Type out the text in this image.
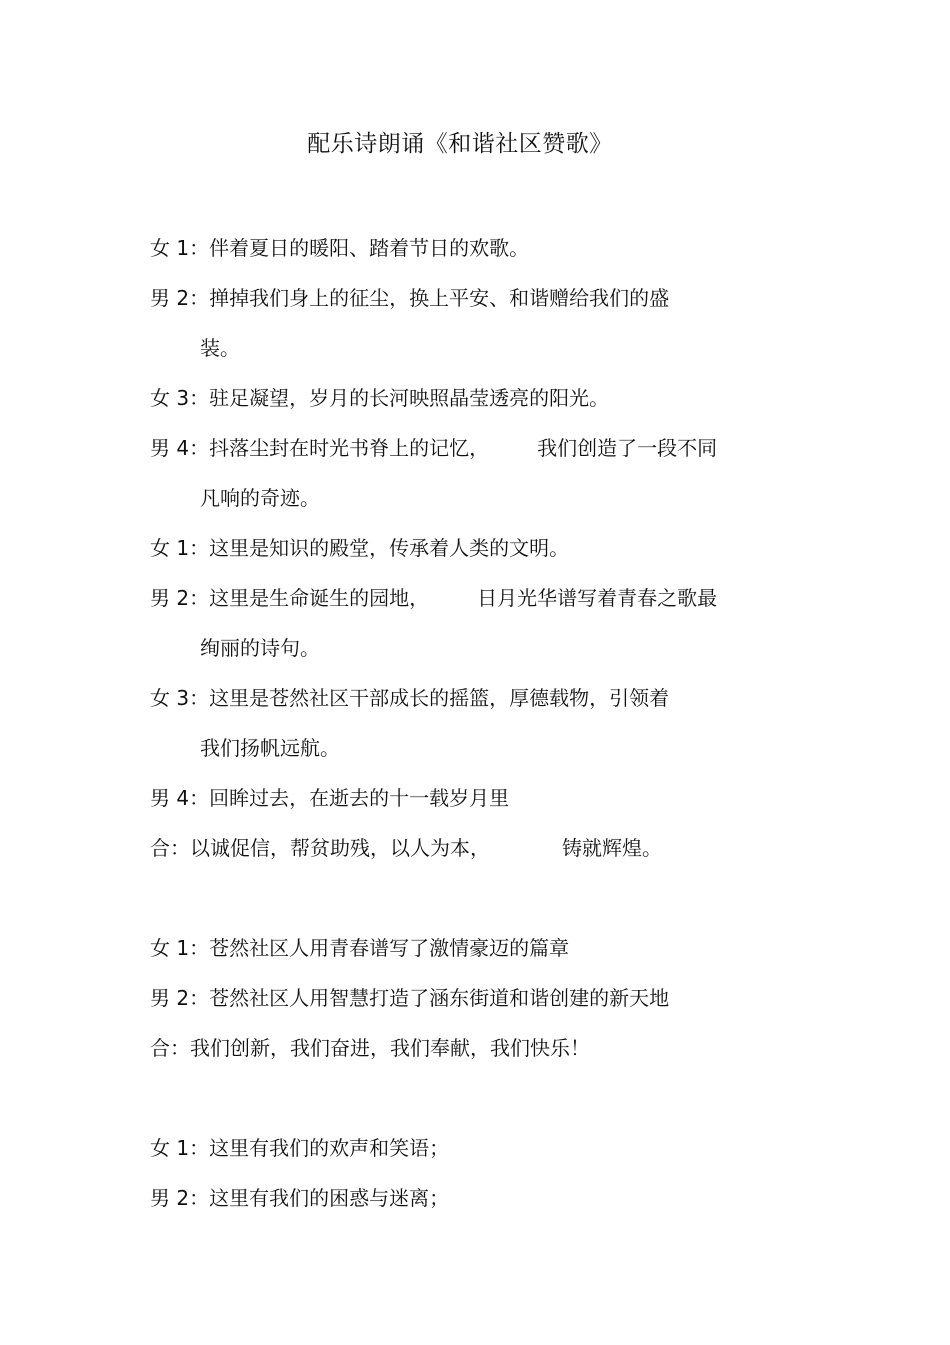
配乐诗朗诵《和谐社区赞歌》
女 1：伴着夏日的暖阳、踏着节日的欢歌。
男 2：掸掉我们身上的征尘，换上平安、和谐赠给我们的盛
装。
女 3：驻足凝望，岁月的长河映照晶莹透亮的阳光。
男 4：抖落尘封在时光书脊上的记忆， 我们创造了一段不同
凡响的奇迹。
女 1：这里是知识的殿堂，传承着人类的文明。
男 2：这里是生命诞生的园地， 日月光华谱写着青春之歌最
绚丽的诗句。
女 3：这里是苍然社区干部成长的摇篮，厚德载物，引领着
我们扬帆远航。
男 4：回眸过去，在逝去的十一载岁月里
合：以诚促信，帮贫助残，以人为本，	铸就辉煌。
女 1：苍然社区人用青春谱写了激情豪迈的篇章
男 2：苍然社区人用智慧打造了涵东街道和谐创建的新天地
合：我们创新，我们奋进，我们奉献，我们快乐！
女 1：这里有我们的欢声和笑语；
男 2：这里有我们的困惑与迷离；
